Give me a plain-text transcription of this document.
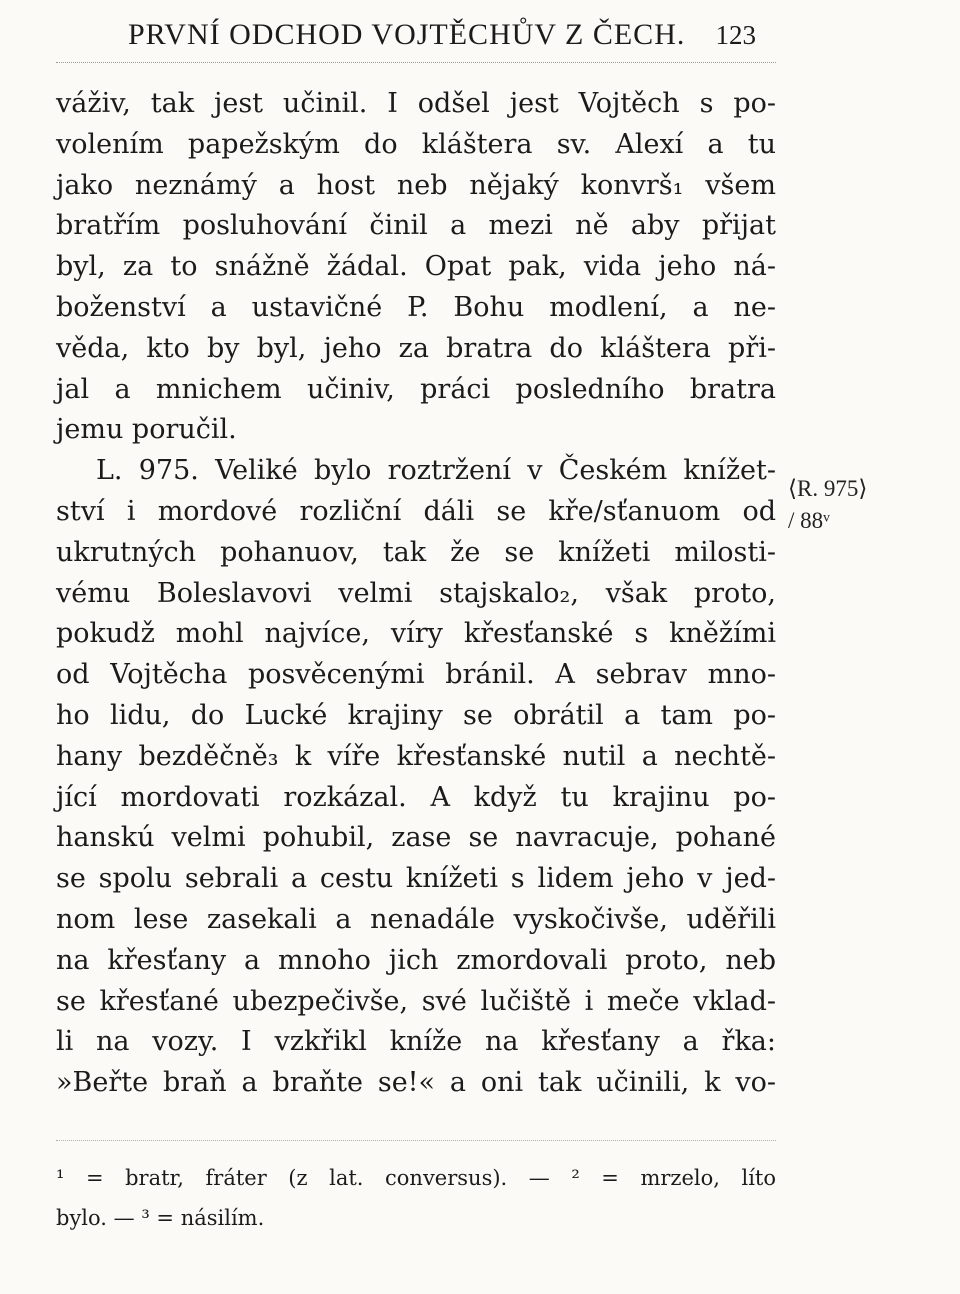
PRVNÍ ODCHOD VOJTĚCHŮV Z ČECH. 123
váživ, tak jest učinil. I odšel jest Vojtěch s po-
volením papežským do kláštera sv. Alexí a tu
jako neznámý a host neb nějaký konvrš₁ všem
bratřím posluhování činil a mezi ně aby přijat
byl, za to snážně žádal. Opat pak, vida jeho ná-
boženství a ustavičné P. Bohu modlení, a ne-
věda, kto by byl, jeho za bratra do kláštera při-
jal a mnichem učiniv, práci posledního bratra
jemu poručil.
L. 975. Veliké bylo roztržení v Českém knížet-
ství i mordové rozliční dáli se kře/sťanuom od
ukrutných pohanuov, tak že se knížeti milosti-
vému Boleslavovi velmi stajskalo₂, však proto,
pokudž mohl najvíce, víry křesťanské s kněžími
od Vojtěcha posvěcenými bránil. A sebrav mno-
ho lidu, do Lucké krajiny se obrátil a tam po-
hany bezděčně₃ k víře křesťanské nutil a nechtě-
jící mordovati rozkázal. A když tu krajinu po-
hanskú velmi pohubil, zase se navracuje, pohané
se spolu sebrali a cestu knížeti s lidem jeho v jed-
nom lese zasekali a nenadále vyskočivše, uděřili
na křesťany a mnoho jich zmordovali proto, neb
se křesťané ubezpečivše, své lučiště i meče vklad-
li na vozy. I vzkřikl kníže na křesťany a řka:
»Beřte braň a braňte se!« a oni tak učinili, k vo-
⟨R. 975⟩
/ 88ᵛ
¹ = bratr, fráter (z lat. conversus). — ² = mrzelo, líto
bylo. — ³ = násilím.
